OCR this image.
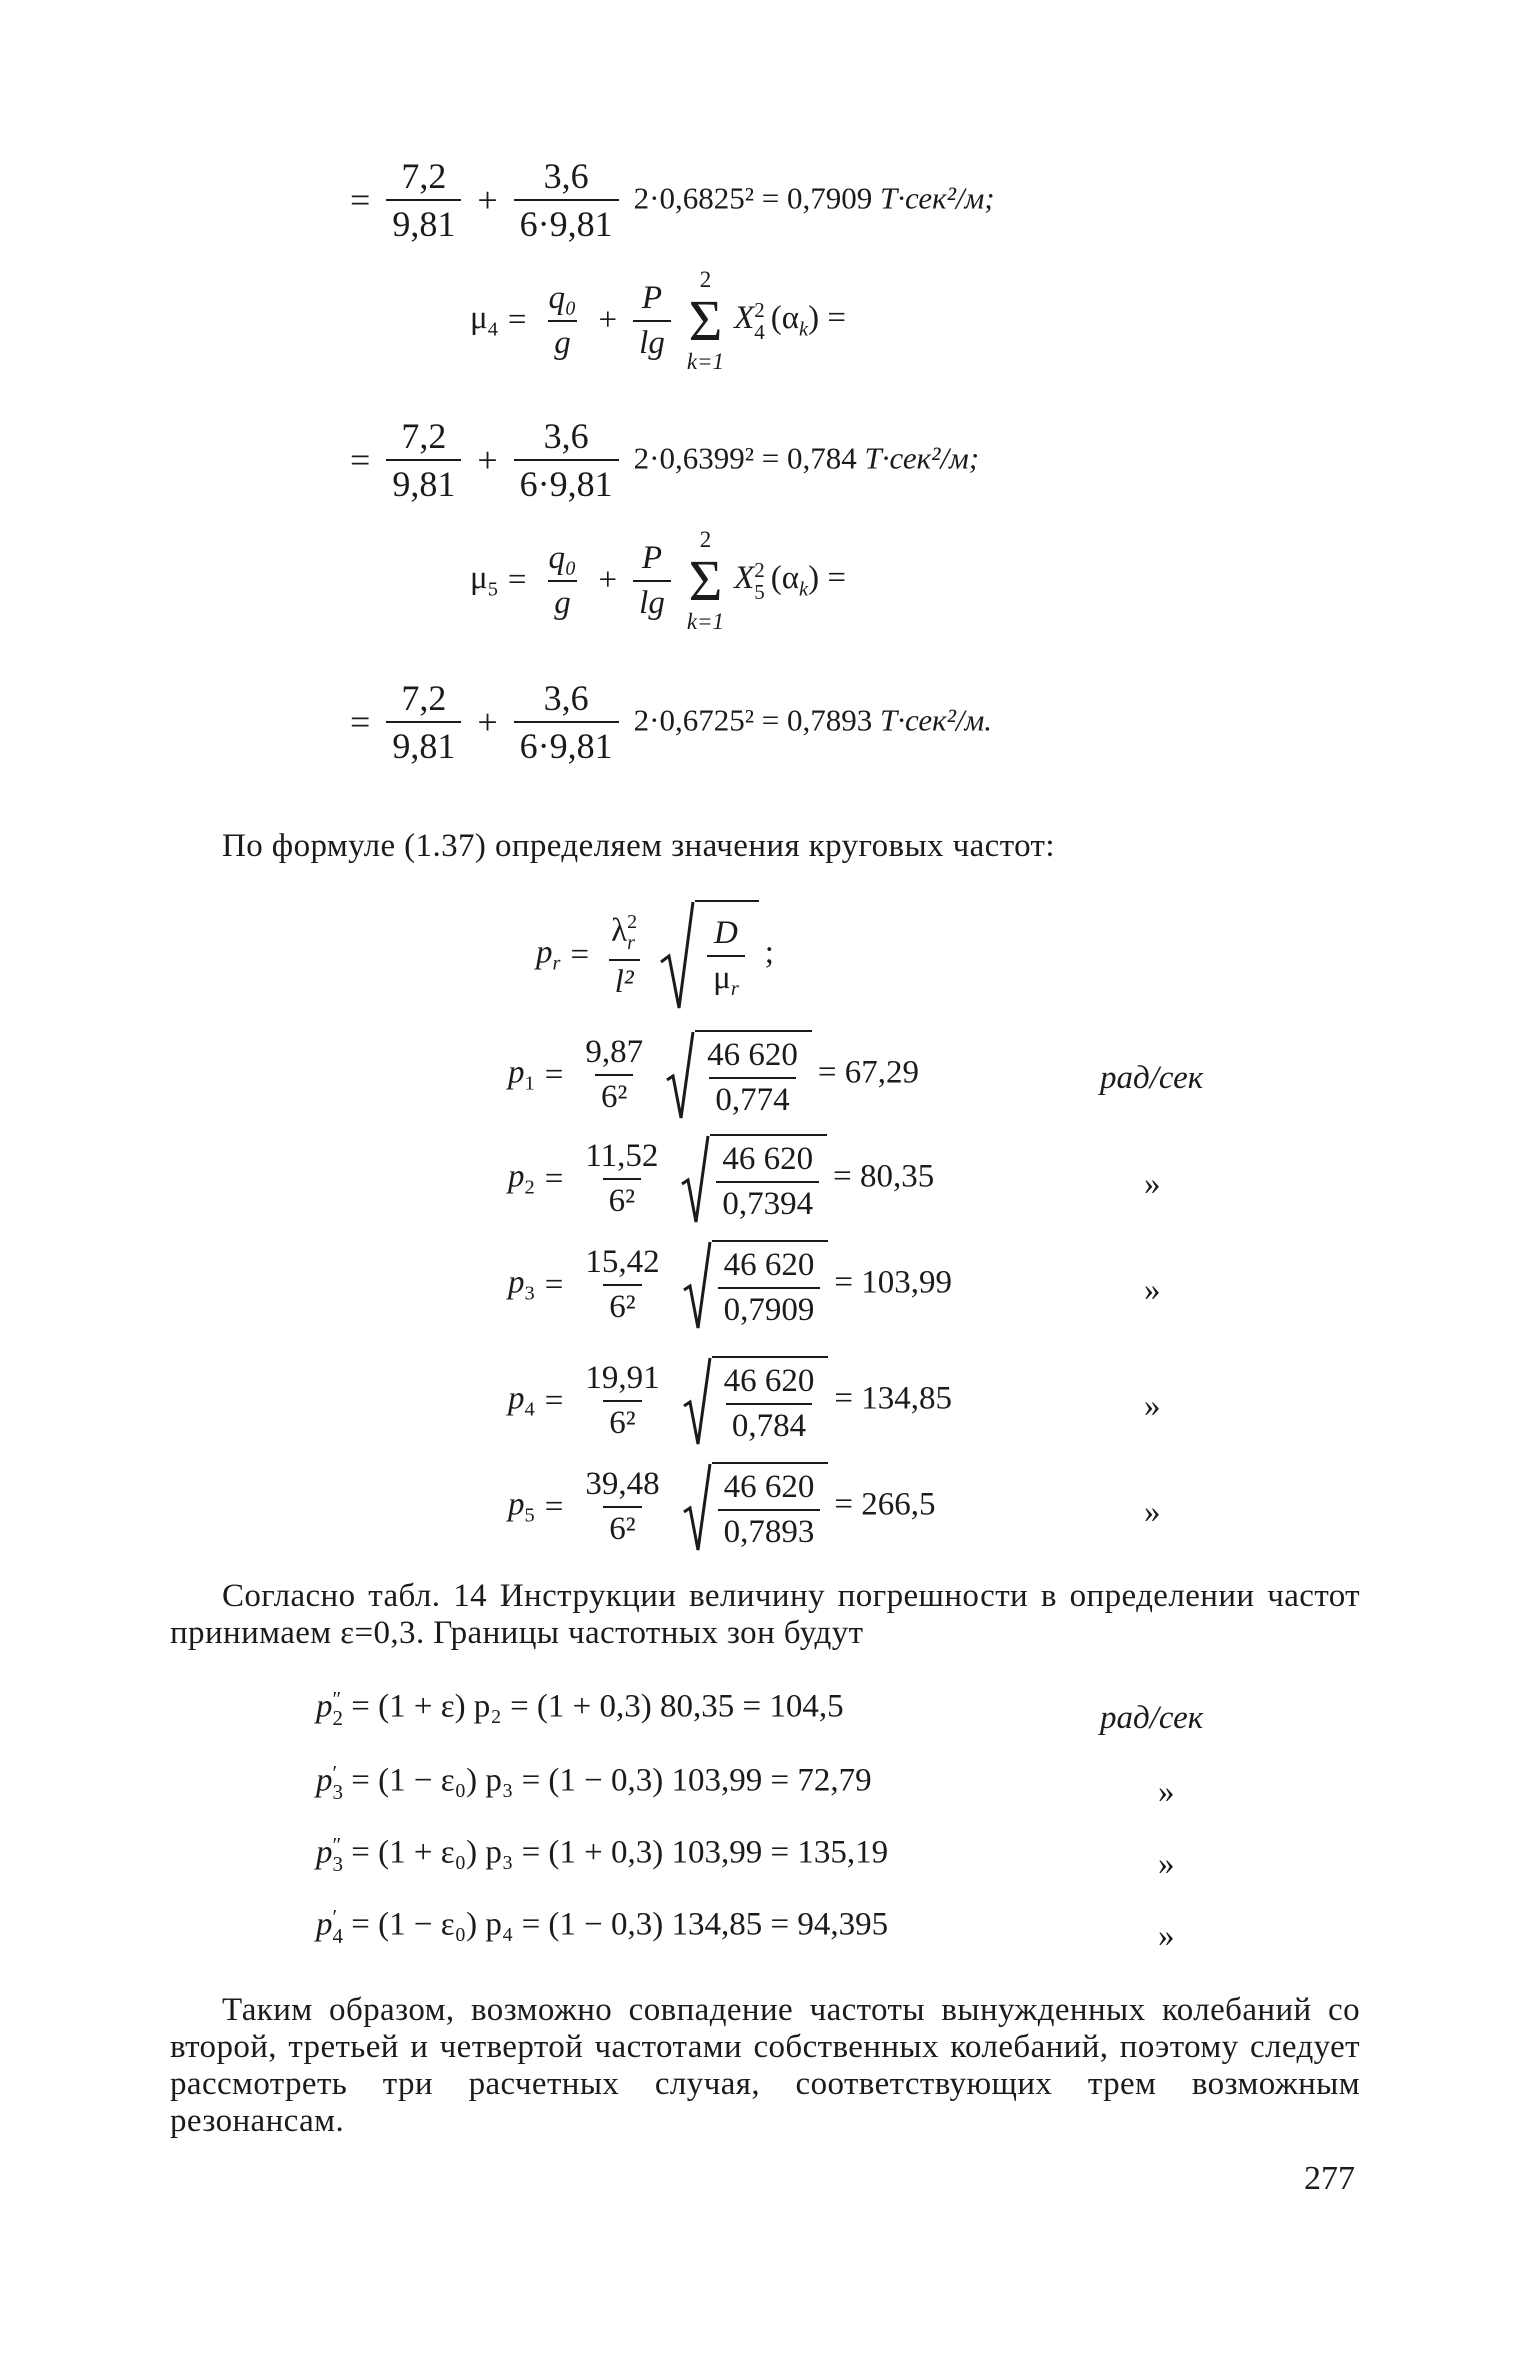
= $\frac{7,2}{9,81} + \frac{3,6}{6\cdot 9,81} 2\cdot 0,6825^2 = 0,7909$ Т·сек²/м;
$\mu_4 = \frac{\text{q₀}}{g} + \frac{P}{\lg}$
2
Σ
k=1
X 2
4 $(\alpha_k)$ =
= $\frac{7,2}{9,81} + \frac{3,6}{6\cdot 9,81} 2\cdot 0,6399^2 = 0,784$ Т·сек²/м;
$\mu_5 = \frac{\text{q₀}}{g} + \frac{P}{\lg}$
2
Σ
k=1
X 2
5 $(\alpha_k)$ =
= $\frac{7,2}{9,81} + \frac{3,6}{6\cdot 9,81} 2\cdot 0,6725^2 = 0,7893$ Т·сек²/м.
По формуле (1.37) определяем значения круговых частот:
$p_r = \lambda$ 2
r
$l^2 \frac{D}{\mu_r}$ ;
$p_1 = \frac{9,87}{\text{6²}} \frac{46 620}{0,774} = 67,29$
$p_2 = \frac{11,52}{\text{6²}} \frac{46 620}{0,7394} = 80,35$
$p_3 = \frac{15,42}{\text{6²}} \frac{46 620}{0,7909} = 103,99$
$p_4 = \frac{19,91}{\text{6²}} \frac{46 620}{0,784} = 134,85$
$p_5 = \frac{39,48}{\text{6²}} \frac{46 620}{0,7893} = 266,5$
рад/сек
»
»
»
»
Согласно табл. 14 Инструкции величину погрешности в определении частот принимаем ε=0,3. Границы частотных зон будут
p ″
2 = (1 + ε) p₂ = (1 + 0,3) 80,35 = 104,5
p ′
3 = (1 − ε₀) p₃ = (1 − 0,3) 103,99 = 72,79
p ″
3 = (1 + ε₀) p₃ = (1 + 0,3) 103,99 = 135,19
p ′
4 = (1 − ε₀) p₄ = (1 − 0,3) 134,85 = 94,395
рад/сек
»
»
»
Таким образом, возможно совпадение частоты вынужденных колебаний со второй, третьей и четвертой частотами собственных колебаний, поэтому следует рассмотреть три расчетных случая, соответствующих трем возможным резонансам.
277
